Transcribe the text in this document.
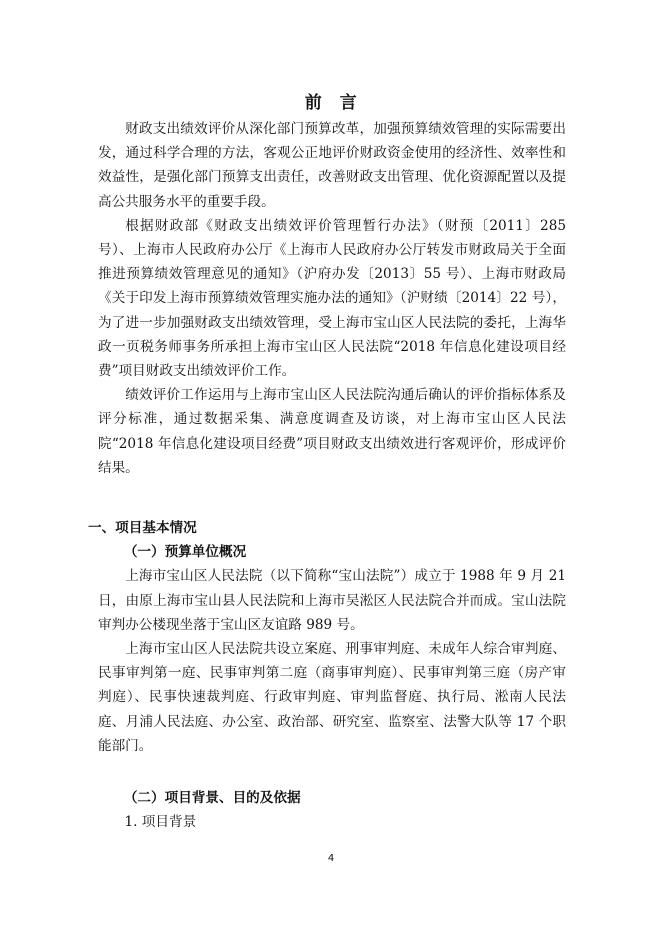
前　言

财政支出绩效评价从深化部门预算改革，加强预算绩效管理的实际需要出发，通过科学合理的方法，客观公正地评价财政资金使用的经济性、效率性和效益性，是强化部门预算支出责任，改善财政支出管理、优化资源配置以及提高公共服务水平的重要手段。

根据财政部《财政支出绩效评价管理暂行办法》（财预〔2011〕285 号）、上海市人民政府办公厅《上海市人民政府办公厅转发市财政局关于全面推进预算绩效管理意见的通知》（沪府办发〔2013〕55 号）、上海市财政局《关于印发上海市预算绩效管理实施办法的通知》（沪财绩〔2014〕22 号），为了进一步加强财政支出绩效管理，受上海市宝山区人民法院的委托，上海华政一页税务师事务所承担上海市宝山区人民法院“2018 年信息化建设项目经费”项目财政支出绩效评价工作。

绩效评价工作运用与上海市宝山区人民法院沟通后确认的评价指标体系及评分标准，通过数据采集、满意度调查及访谈，对上海市宝山区人民法院“2018 年信息化建设项目经费”项目财政支出绩效进行客观评价，形成评价结果。

一、项目基本情况

（一）预算单位概况

上海市宝山区人民法院（以下简称“宝山法院”）成立于 1988 年 9 月 21 日，由原上海市宝山县人民法院和上海市吴淞区人民法院合并而成。宝山法院审判办公楼现坐落于宝山区友谊路 989 号。

上海市宝山区人民法院共设立案庭、刑事审判庭、未成年人综合审判庭、民事审判第一庭、民事审判第二庭（商事审判庭）、民事审判第三庭（房产审判庭）、民事快速裁判庭、行政审判庭、审判监督庭、执行局、淞南人民法庭、月浦人民法庭、办公室、政治部、研究室、监察室、法警大队等 17 个职能部门。

（二）项目背景、目的及依据

1. 项目背景

4
